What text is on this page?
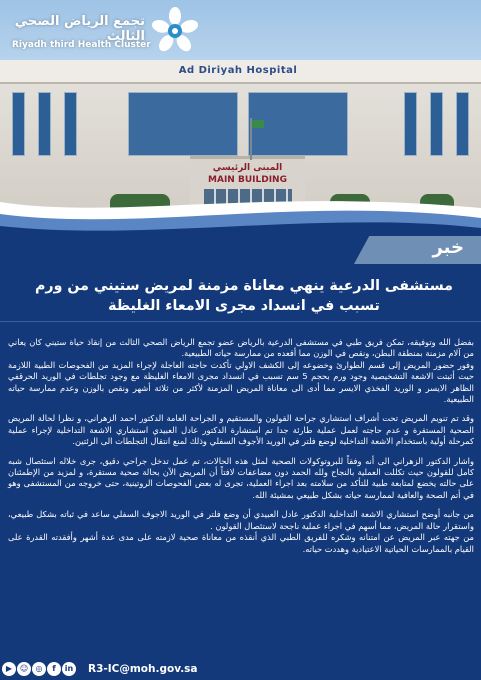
Ad Diriyah Hospital
المبنى الرئيسي
MAIN BUILDING
تجمع الرياض الصحي الثالث
Riyadh third Health Cluster
خبر
مستشفى الدرعية ينهي معاناة مزمنة لمريض ستيني من ورم تسبب في انسداد مجرى الامعاء الغليظة

بفضل الله وتوفيقه، تمكن فريق طبي في مستشفى الدرعية بالرياض عضو تجمع الرياض الصحي الثالث من إنقاذ حياة ستيني كان يعاني من آلام مزمنة بمنطقة البطن، ونقص في الوزن مما أقعده من ممارسة حياته الطبيعية.

وفور حضور المريض إلى قسم الطوارئ وخضوعه إلى الكشف الاولي تأكدت حاجته العاجلة لإجراء المزيد من الفحوصات الطبية اللازمة حيث أثبتت الاشعة التشخيصية وجود ورم بحجم 5 سم تسبب في انسداد مجرى الامعاء الغليظة مع وجود تجلطات في الوريد الحرقفي الظاهر الايسر و الوريد الفخذي الايسر مما أدى الى معاناة المريض المزمنة لأكثر من ثلاثة أشهر ونقص بالوزن وعدم ممارسة حياته الطبيعية.

وقد تم تنويم المريض تحت أشراف استشاري جراحة القولون والمستقيم و الجراحة العامة الدكتور احمد الزهراني، و نظرا لحالة المريض الصحية المستقرة و عدم حاجته لعمل عملية طارئة جدا تم استشارة الدكتور عادل العبيدي استشاري الاشعة التداخلية لإجراء عملية كمرحلة أولية باستخدام الاشعة التداخلية لوضع فلتر في الوريد الأجوف السفلي وذلك لمنع انتقال التجلطات الى الرئتين.

واشار الدكتور الزهراني الى أنه وفقاً للبروتوكولات الصحية لمثل هذه الحالات، تم عمل تدخل جراحي دقيق، جرى خلاله استئصال شبه كامل للقولون حيث تكللت العملية بالنجاح ولله الحمد دون مضاعفات لافتاً أن المريض الآن بحالة صحية مستقرة، و لمزيد من الإطمئنان على حالته يخضع لمتابعة طبية للتأكد من سلامته بعد اجراء العملية، تجرى له بعض الفحوصات الروتينية، حتى خروجه من المستشفى وهو في أتم الصحة والعافية لممارسة حياته بشكل طبيعي بمشيئة الله.

من جانبه أوضح استشاري الاشعة التداخلية الدكتور عادل العبيدي أن وضع فلتر في الوريد الاجوف السفلي ساعد في ثباته بشكل طبيعي، واستقرار حالة المريض، مما أسهم في اجراء عملية ناجحة لاستئصال القولون .

من جهته عبر المريض عن امتنانه وشكره للفريق الطبي الذي أنقذه من معاناة صحية لازمته على مدى عدة أشهر وأفقدته القدرة على القيام بالممارسات الحياتية الاعتيادية وهددت حياته.

▶ ☺ ◎	f	in R3-IC@moh.gov.sa
